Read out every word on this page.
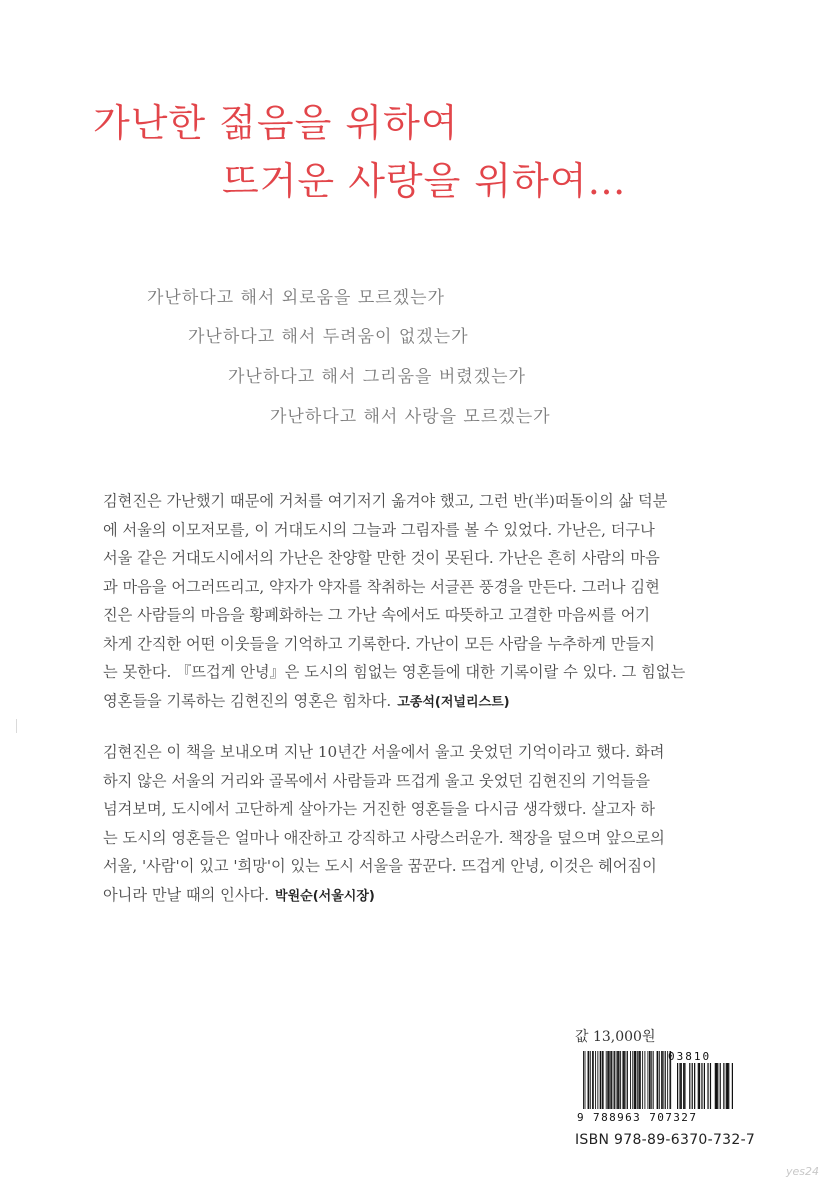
가난한 젊음을 위하여
뜨거운 사랑을 위하여…
가난하다고 해서 외로움을 모르겠는가
가난하다고 해서 두려움이 없겠는가
가난하다고 해서 그리움을 버렸겠는가
가난하다고 해서 사랑을 모르겠는가
김현진은 가난했기 때문에 거처를 여기저기 옮겨야 했고, 그런 반(半)떠돌이의 삶 덕분
에 서울의 이모저모를, 이 거대도시의 그늘과 그림자를 볼 수 있었다. 가난은, 더구나
서울 같은 거대도시에서의 가난은 찬양할 만한 것이 못된다. 가난은 흔히 사람의 마음
과 마음을 어그러뜨리고, 약자가 약자를 착취하는 서글픈 풍경을 만든다. 그러나 김현
진은 사람들의 마음을 황폐화하는 그 가난 속에서도 따뜻하고 고결한 마음씨를 어기
차게 간직한 어떤 이웃들을 기억하고 기록한다. 가난이 모든 사람을 누추하게 만들지
는 못한다. 『뜨겁게 안녕』은 도시의 힘없는 영혼들에 대한 기록이랄 수 있다. 그 힘없는
영혼들을 기록하는 김현진의 영혼은 힘차다. 고종석(저널리스트)
김현진은 이 책을 보내오며 지난 10년간 서울에서 울고 웃었던 기억이라고 했다. 화려
하지 않은 서울의 거리와 골목에서 사람들과 뜨겁게 울고 웃었던 김현진의 기억들을
넘겨보며, 도시에서 고단하게 살아가는 거진한 영혼들을 다시금 생각했다. 살고자 하
는 도시의 영혼들은 얼마나 애잔하고 강직하고 사랑스러운가. 책장을 덮으며 앞으로의
서울, '사람'이 있고 '희망'이 있는 도시 서울을 꿈꾼다. 뜨겁게 안녕, 이것은 헤어짐이
아니라 만날 때의 인사다. 박원순(서울시장)
값 13,000원
9 788963 707327
03810
ISBN 978-89-6370-732-7
yes24
